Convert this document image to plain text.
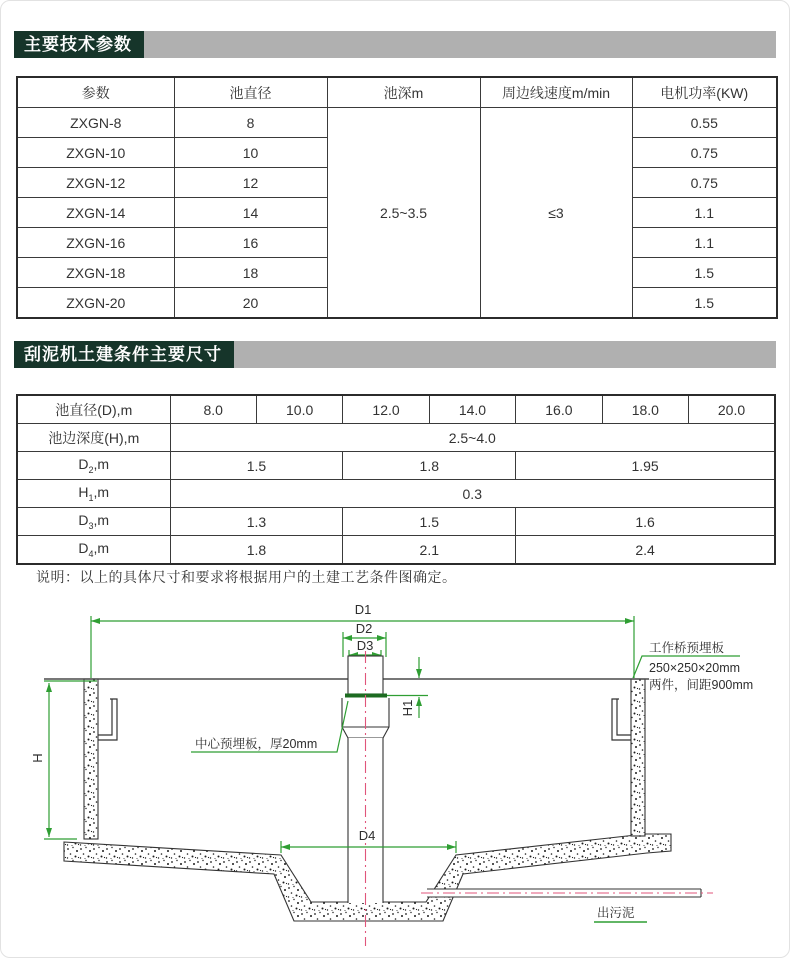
主要技术参数
参数	池直径	池深m	周边线速度m/min	电机功率(KW)
ZXGN-8	8	2.5~3.5	≤3	0.55
ZXGN-10	10			0.75
ZXGN-12	12			0.75
ZXGN-14	14			1.1
ZXGN-16	16			1.1
ZXGN-18	18			1.5
ZXGN-20	20			1.5
刮泥机土建条件主要尺寸
池直径(D),m	8.0	10.0	12.0	14.0	16.0	18.0	20.0
池边深度(H),m	2.5~4.0						
$D_2,m$	1.5		1.8		1.95		
$H_1,m$	0.3						
$D_3,m$	1.3		1.5		1.6		
$D_4,m$	1.8		2.1		2.4		
说明：以上的具体尺寸和要求将根据用户的土建工艺条件图确定。
H
D1
D2
D3
H1
中心预埋板，厚20mm
工作桥预埋板
250×250×20mm
两件，间距900mm
D4
出污泥
